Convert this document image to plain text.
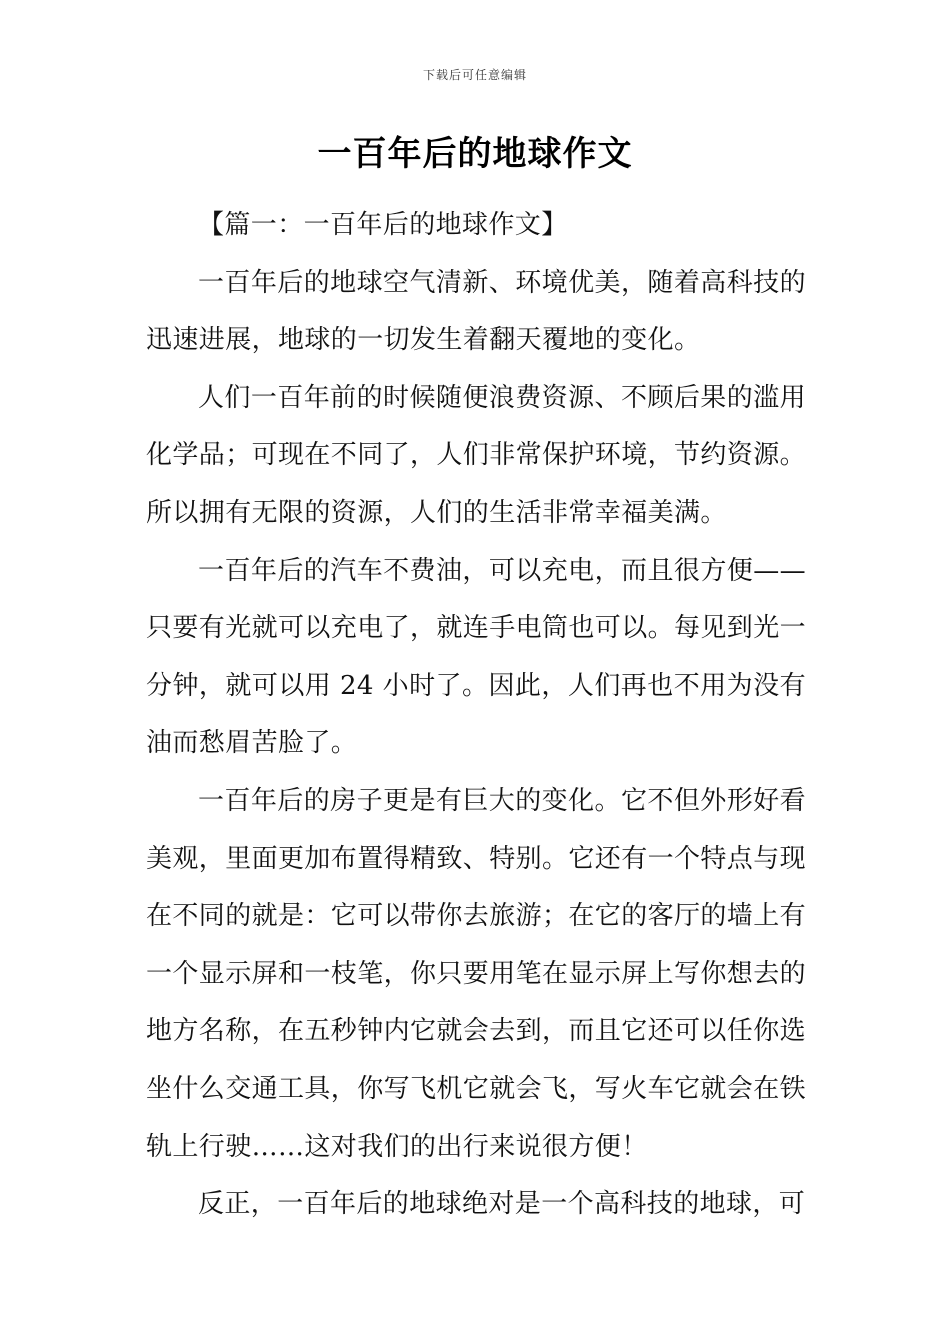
下载后可任意编辑
一百年后的地球作文

【篇一：一百年后的地球作文】

一百年后的地球空气清新、环境优美，随着高科技的迅速进展，地球的一切发生着翻天覆地的变化。

人们一百年前的时候随便浪费资源、不顾后果的滥用化学品；可现在不同了，人们非常保护环境，节约资源。所以拥有无限的资源，人们的生活非常幸福美满。

一百年后的汽车不费油，可以充电，而且很方便——只要有光就可以充电了，就连手电筒也可以。每见到光一分钟，就可以用 24 小时了。因此，人们再也不用为没有油而愁眉苦脸了。

一百年后的房子更是有巨大的变化。它不但外形好看美观，里面更加布置得精致、特别。它还有一个特点与现在不同的就是：它可以带你去旅游；在它的客厅的墙上有一个显示屏和一枝笔，你只要用笔在显示屏上写你想去的地方名称，在五秒钟内它就会去到，而且它还可以任你选坐什么交通工具，你写飞机它就会飞，写火车它就会在铁轨上行驶……这对我们的出行来说很方便！

反正，一百年后的地球绝对是一个高科技的地球，可
